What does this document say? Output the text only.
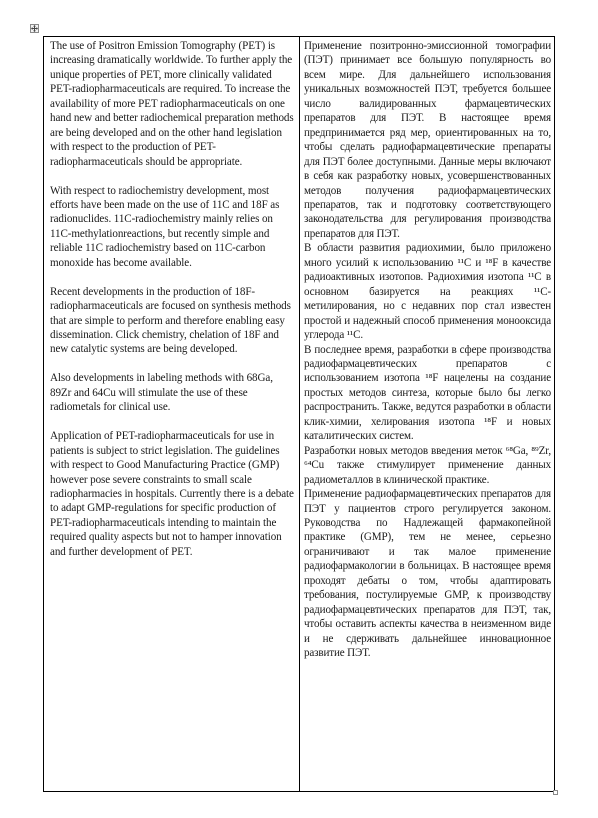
The use of Positron Emission Tomography (PET) is increasing dramatically worldwide. To further apply the unique properties of PET, more clinically validated PET-radiopharmaceuticals are required. To increase the availability of more PET radiopharmaceuticals on one hand new and better radiochemical preparation methods are being developed and on the other hand legislation with respect to the production of PET-radiopharmaceuticals should be appropriate.

With respect to radiochemistry development, most efforts have been made on the use of 11C and 18F as radionuclides. 11C-radiochemistry mainly relies on 11C-methylationreactions, but recently simple and reliable 11C radiochemistry based on 11C-carbon monoxide has become available.

Recent developments in the production of 18F-radiopharmaceuticals are focused on synthesis methods that are simple to perform and therefore enabling easy dissemination. Click chemistry, chelation of 18F and new catalytic systems are being developed.

Also developments in labeling methods with 68Ga, 89Zr and 64Cu will stimulate the use of these radiometals for clinical use.

Application of PET-radiopharmaceuticals for use in patients is subject to strict legislation. The guidelines with respect to Good Manufacturing Practice (GMP) however pose severe constraints to small scale radiopharmacies in hospitals. Currently there is a debate to adapt GMP-regulations for specific production of PET-radiopharmaceuticals intending to maintain the required quality aspects but not to hamper innovation and further development of PET.

Применение позитронно-эмиссионной томографии (ПЭТ) принимает все большую популярность во всем мире. Для дальнейшего использования уникальных возможностей ПЭТ, требуется большее число валидированных фармацевтических препаратов для ПЭТ. В настоящее время предпринимается ряд мер, ориентированных на то, чтобы сделать радиофармацевтические препараты для ПЭТ более доступными. Данные меры включают в себя как разработку новых, усовершенствованных методов получения радиофармацевтических препаратов, так и подготовку соответствующего законодательства для регулирования производства препаратов для ПЭТ.

В области развития радиохимии, было приложено много усилий к использованию ¹¹C и ¹⁸F в качестве радиоактивных изотопов. Радиохимия изотопа ¹¹C в основном базируется на реакциях ¹¹C-метилирования, но с недавних пор стал известен простой и надежный способ применения монооксида углерода ¹¹C.

В последнее время, разработки в сфере производства радиофармацевтических препаратов с использованием изотопа ¹⁸F нацелены на создание простых методов синтеза, которые было бы легко распространить. Также, ведутся разработки в области клик-химии, хелирования изотопа ¹⁸F и новых каталитических систем.

Разработки новых методов введения меток ⁶⁸Ga, ⁸⁹Zr, ⁶⁴Cu также стимулирует применение данных радиометаллов в клинической практике.

Применение радиофармацевтических препаратов для ПЭТ у пациентов строго регулируется законом. Руководства по Надлежащей фармакопейной практике (GMP), тем не менее, серьезно ограничивают и так малое применение радиофармакологии в больницах. В настоящее время проходят дебаты о том, чтобы адаптировать требования, постулируемые GMP, к производству радиофармацевтических препаратов для ПЭТ, так, чтобы оставить аспекты качества в неизменном виде и не сдерживать дальнейшее инновационное развитие ПЭТ.
